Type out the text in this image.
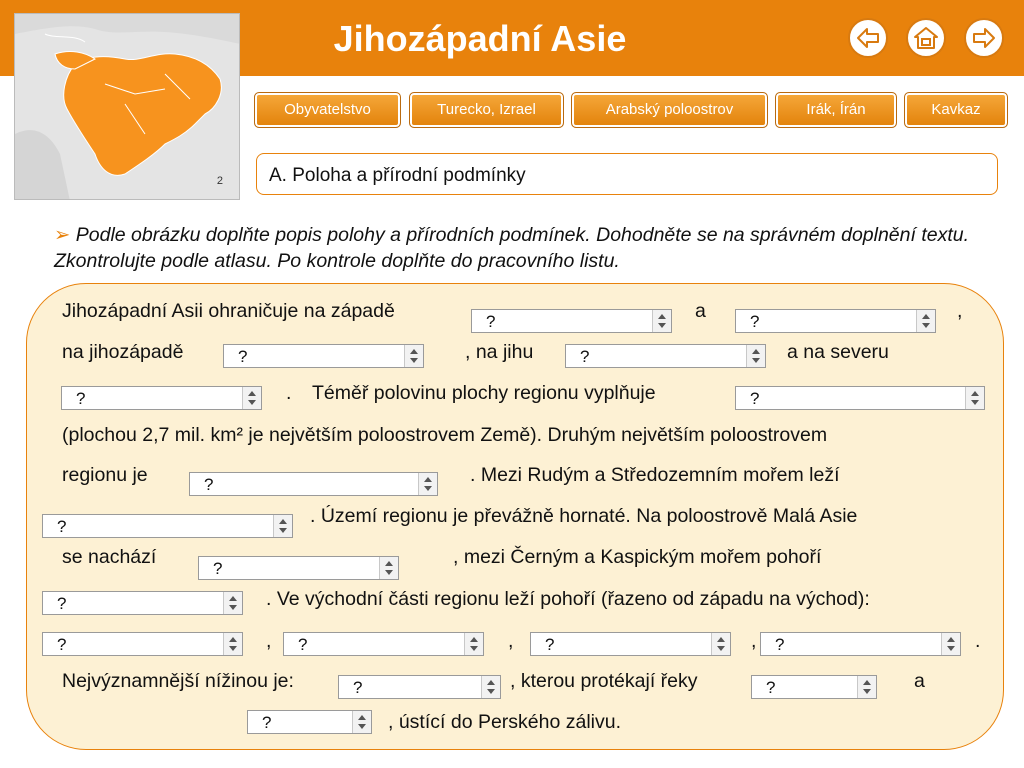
Jihozápadní Asie
2
Obyvatelstvo	Turecko, Izrael	Arabský poloostrov	Irák, Írán	Kavkaz
A. Poloha a přírodní podmínky
➢ Podle obrázku doplňte popis polohy a přírodních podmínek. Dohodněte se na správném doplnění textu. Zkontrolujte podle atlasu. Po kontrole doplňte do pracovního listu.
Jihozápadní Asii ohraničuje na západě	a	,
na jihozápadě	, na jihu	a na severu
. Téměř polovinu plochy regionu vyplňuje
(plochou 2,7 mil. km² je největším poloostrovem Země). Druhým největším poloostrovem
regionu je	. Mezi Rudým a Středozemním mořem leží
. Území regionu je převážně hornaté. Na poloostrově Malá Asie
se nachází	, mezi Černým a Kaspickým mořem pohoří
. Ve východní části regionu leží pohoří (řazeno od západu na východ):
,	,	,	.
Nejvýznamnější nížinou je:	, kterou protékají řeky	a
, ústící do Perského zálivu.
?	?
?	?
?	?
?
?
?
?
?	?	?	?
?	?
?
